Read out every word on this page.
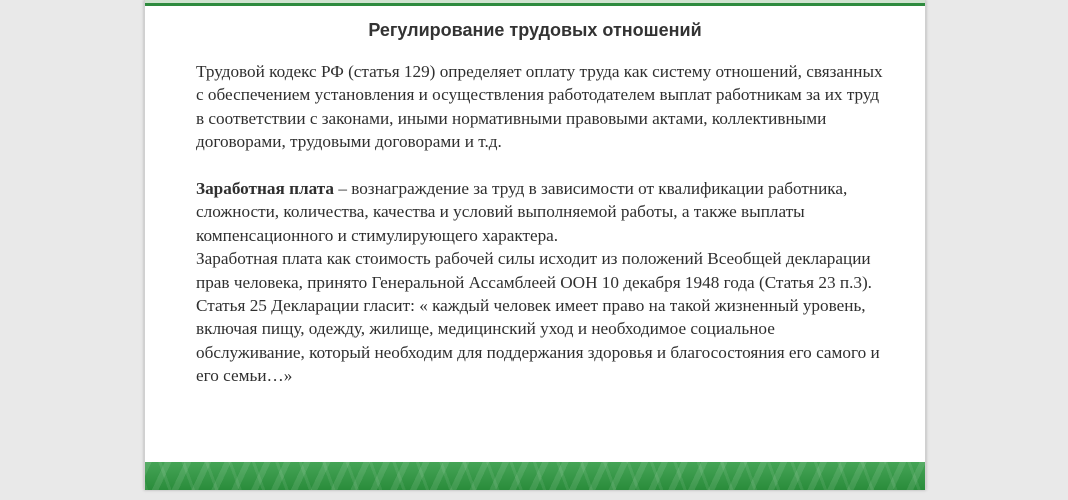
Регулирование трудовых отношений

Трудовой кодекс РФ (статья 129) определяет оплату труда как систему отношений, связанных с обеспечением установления и осуществления работодателем выплат работникам за их труд в соответствии с законами, иными нормативными правовыми актами, коллективными договорами, трудовыми договорами и т.д.

Заработная плата – вознаграждение за труд в зависимости от квалификации работника, сложности, количества, качества и условий выполняемой работы, а также выплаты компенсационного и стимулирующего характера.

Заработная плата как стоимость рабочей силы исходит из положений Всеобщей декларации прав человека, принято Генеральной Ассамблеей ООН 10 декабря 1948 года (Статья 23 п.3).

Статья 25 Декларации гласит: « каждый человек имеет право на такой жизненный уровень, включая пищу, одежду, жилище, медицинский уход и необходимое социальное обслуживание, который необходим для поддержания здоровья и благосостояния его самого и его семьи…»
